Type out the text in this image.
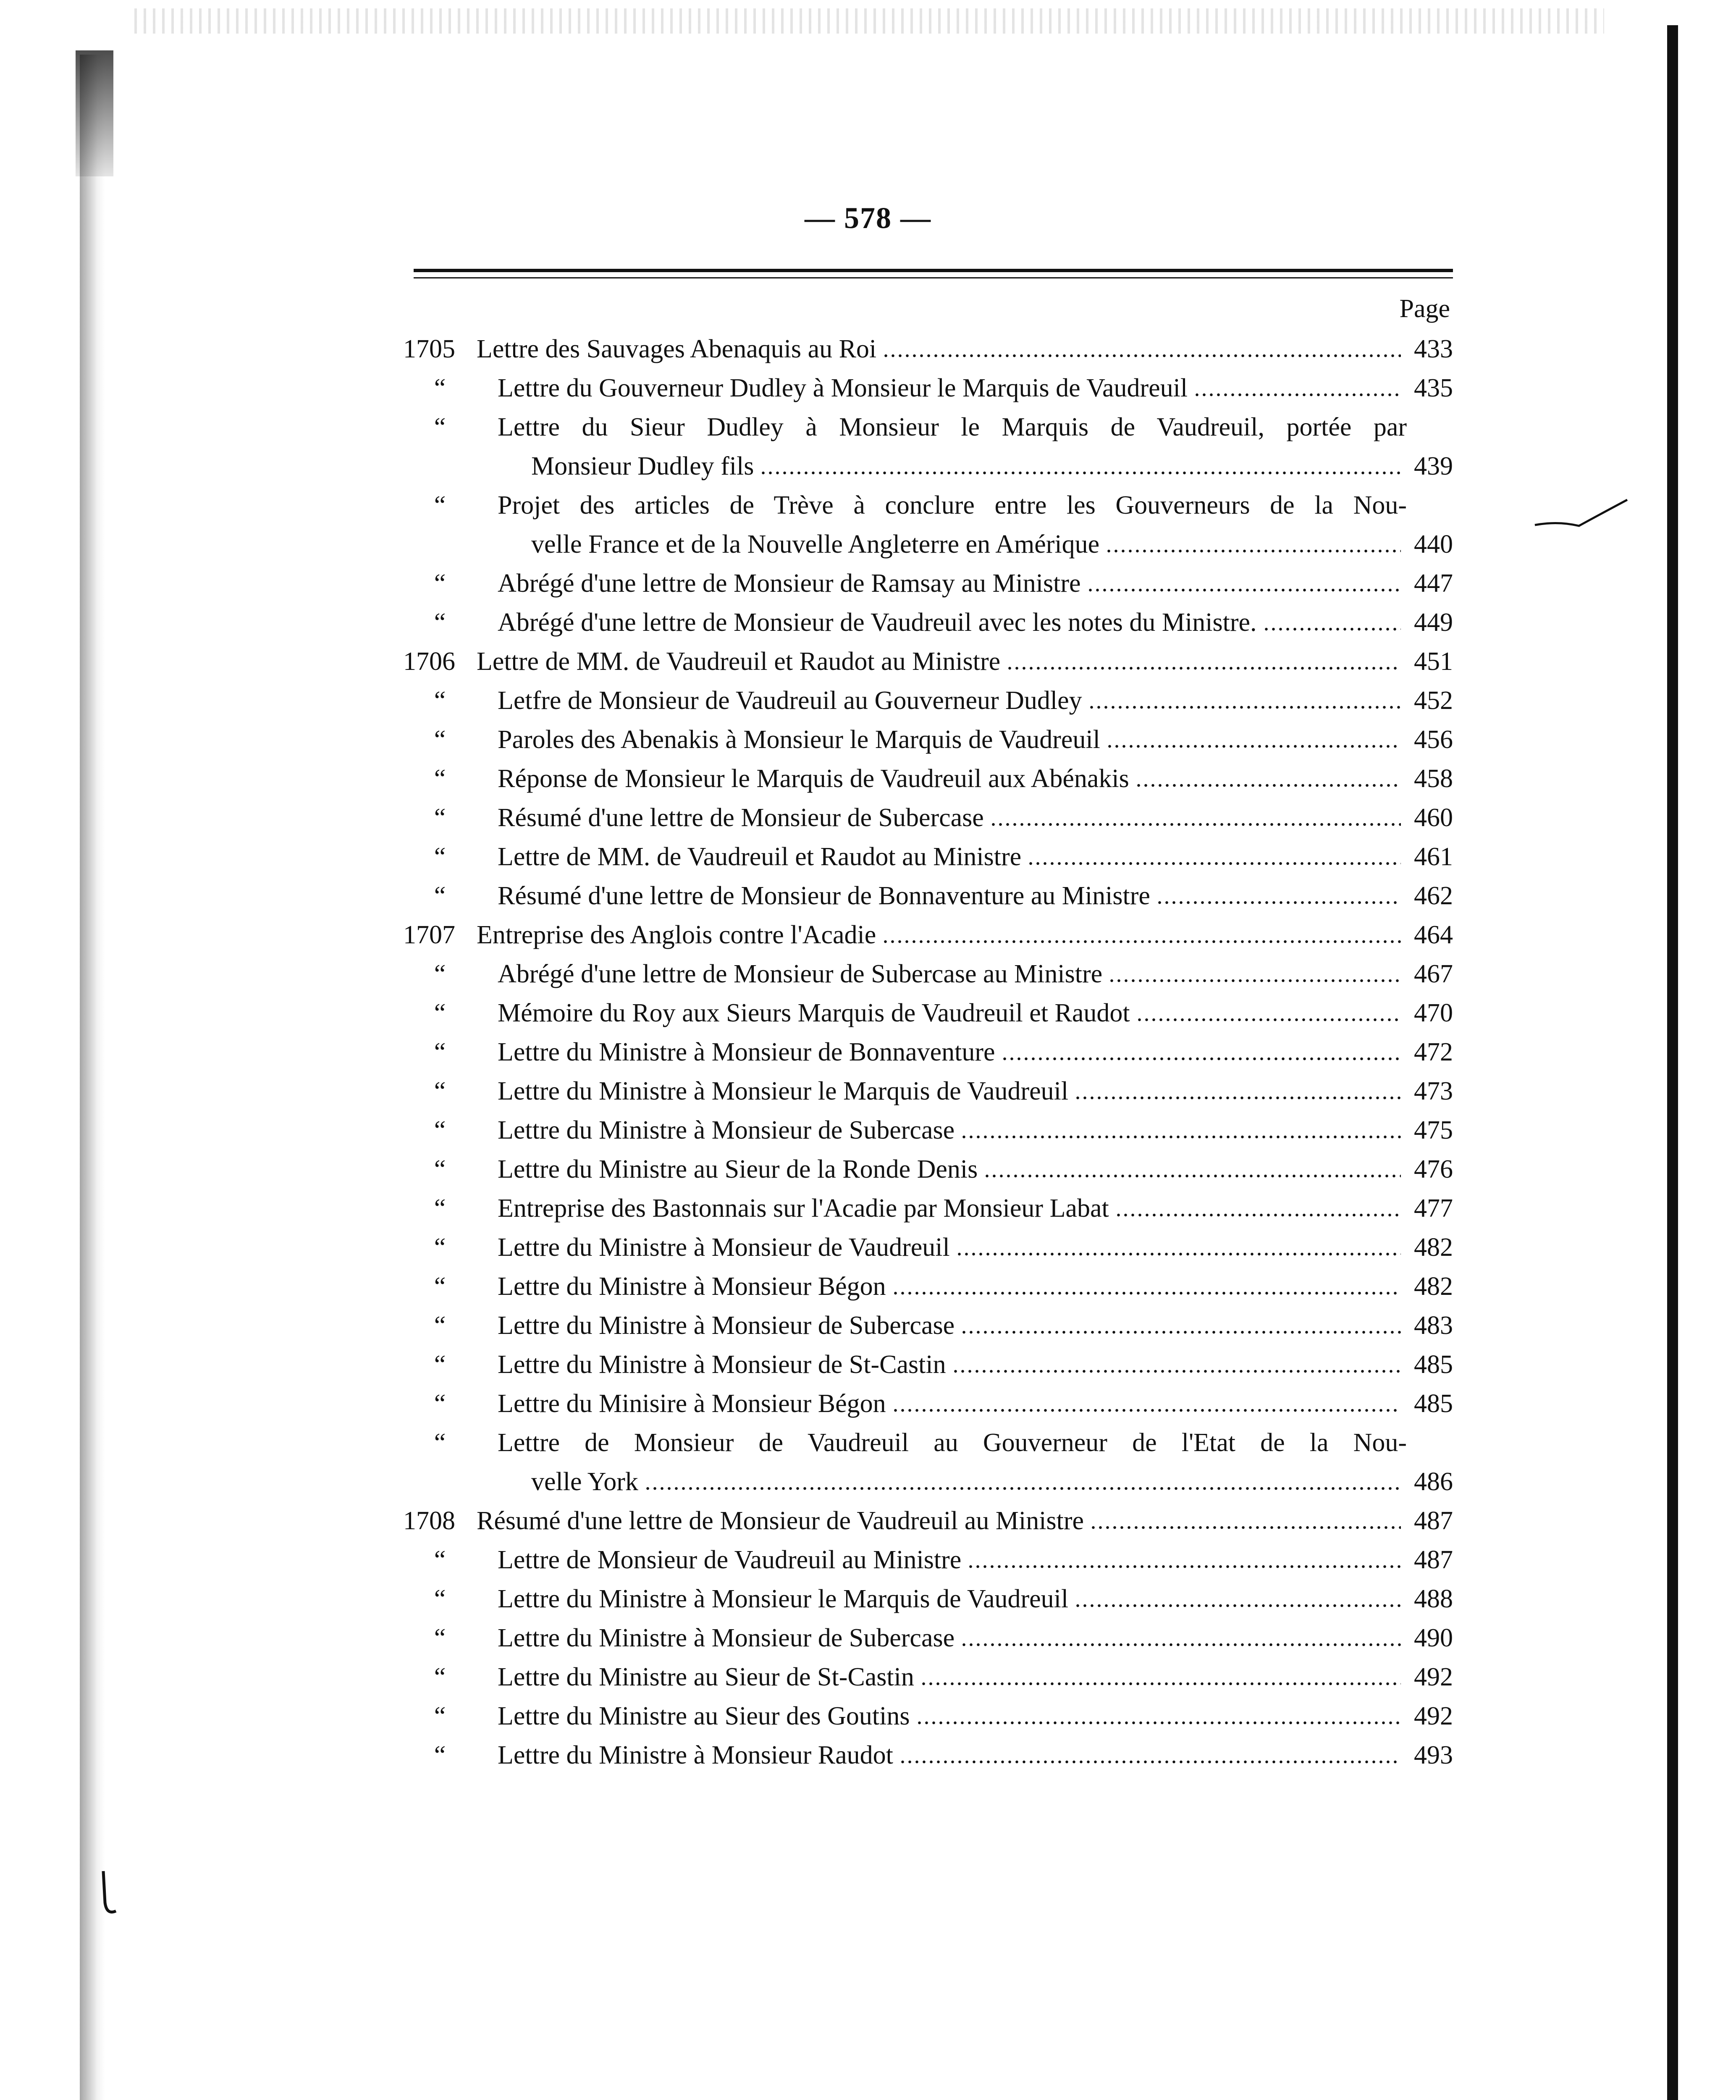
— 578 —
Page
1705 Lettre des Sauvages Abenaquis au Roi	433
“	Lettre du Gouverneur Dudley à Monsieur le Marquis de Vaudreuil	435
“	Lettre du Sieur Dudley à Monsieur le Marquis de Vaudreuil, portée par
Monsieur Dudley fils	439
“	Projet des articles de Trève à conclure entre les Gouverneurs de la Nou-
velle France et de la Nouvelle Angleterre en Amérique	440
“	Abrégé d'une lettre de Monsieur de Ramsay au Ministre	447
“	Abrégé d'une lettre de Monsieur de Vaudreuil avec les notes du Ministre.	449
1706 Lettre de MM. de Vaudreuil et Raudot au Ministre	451
“	Letfre de Monsieur de Vaudreuil au Gouverneur Dudley	452
“	Paroles des Abenakis à Monsieur le Marquis de Vaudreuil	456
“	Réponse de Monsieur le Marquis de Vaudreuil aux Abénakis	458
“	Résumé d'une lettre de Monsieur de Subercase	460
“	Lettre de MM. de Vaudreuil et Raudot au Ministre	461
“	Résumé d'une lettre de Monsieur de Bonnaventure au Ministre	462
1707 Entreprise des Anglois contre l'Acadie	464
“	Abrégé d'une lettre de Monsieur de Subercase au Ministre	467
“	Mémoire du Roy aux Sieurs Marquis de Vaudreuil et Raudot	470
“	Lettre du Ministre à Monsieur de Bonnaventure	472
“	Lettre du Ministre à Monsieur le Marquis de Vaudreuil	473
“	Lettre du Ministre à Monsieur de Subercase	475
“	Lettre du Ministre au Sieur de la Ronde Denis	476
“	Entreprise des Bastonnais sur l'Acadie par Monsieur Labat	477
“	Lettre du Ministre à Monsieur de Vaudreuil	482
“	Lettre du Ministre à Monsieur Bégon	482
“	Lettre du Ministre à Monsieur de Subercase	483
“	Lettre du Ministre à Monsieur de St-Castin	485
“	Lettre du Minisire à Monsieur Bégon	485
“	Lettre de Monsieur de Vaudreuil au Gouverneur de l'Etat de la Nou-
velle York	486
1708 Résumé d'une lettre de Monsieur de Vaudreuil au Ministre	487
“	Lettre de Monsieur de Vaudreuil au Ministre	487
“	Lettre du Ministre à Monsieur le Marquis de Vaudreuil	488
“	Lettre du Ministre à Monsieur de Subercase	490
“	Lettre du Ministre au Sieur de St-Castin	492
“	Lettre du Ministre au Sieur des Goutins	492
“	Lettre du Ministre à Monsieur Raudot	493
